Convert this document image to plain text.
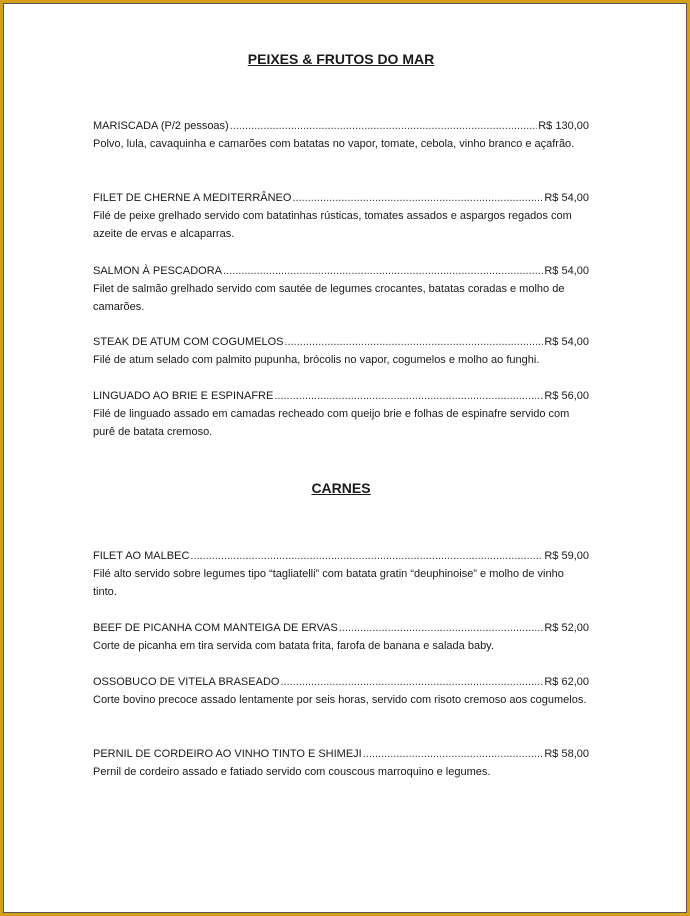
PEIXES & FRUTOS DO MAR
MARISCADA (P/2 pessoas) .....	R$ 130,00

Polvo, lula, cavaquinha e camarões com batatas no vapor, tomate, cebola, vinho branco e açafrão.

FILET DE CHERNE A MEDITERRÂNEO .....	R$ 54,00

Filé de peixe grelhado servido com batatinhas rústicas, tomates assados e aspargos regados com azeite de ervas e alcaparras.

SALMON À PESCADORA .....	R$ 54,00

Filet de salmão grelhado servido com sautée de legumes crocantes, batatas coradas e molho de camarões.

STEAK DE ATUM COM COGUMELOS .....	R$ 54,00

Filé de atum selado com palmito pupunha, brócolis no vapor, cogumelos e molho ao funghi.

LINGUADO AO BRIE E ESPINAFRE .....	R$ 56,00

Filé de linguado assado em camadas recheado com queijo brie e folhas de espinafre servido com purê de batata cremoso.

CARNES
FILET AO MALBEC .....	R$ 59,00

Filé alto servido sobre legumes tipo “tagliatelli” com batata gratin “deuphinoise” e molho de vinho tinto.

BEEF DE PICANHA COM MANTEIGA DE ERVAS .....	R$ 52,00

Corte de picanha em tira servida com batata frita, farofa de banana e salada baby.

OSSOBUCO DE VITELA BRASEADO .....	R$ 62,00

Corte bovino precoce assado lentamente por seis horas, servido com risoto cremoso aos cogumelos.

PERNIL DE CORDEIRO AO VINHO TINTO E SHIMEJI .....	R$ 58,00

Pernil de cordeiro assado e fatiado servido com couscous marroquino e legumes.
